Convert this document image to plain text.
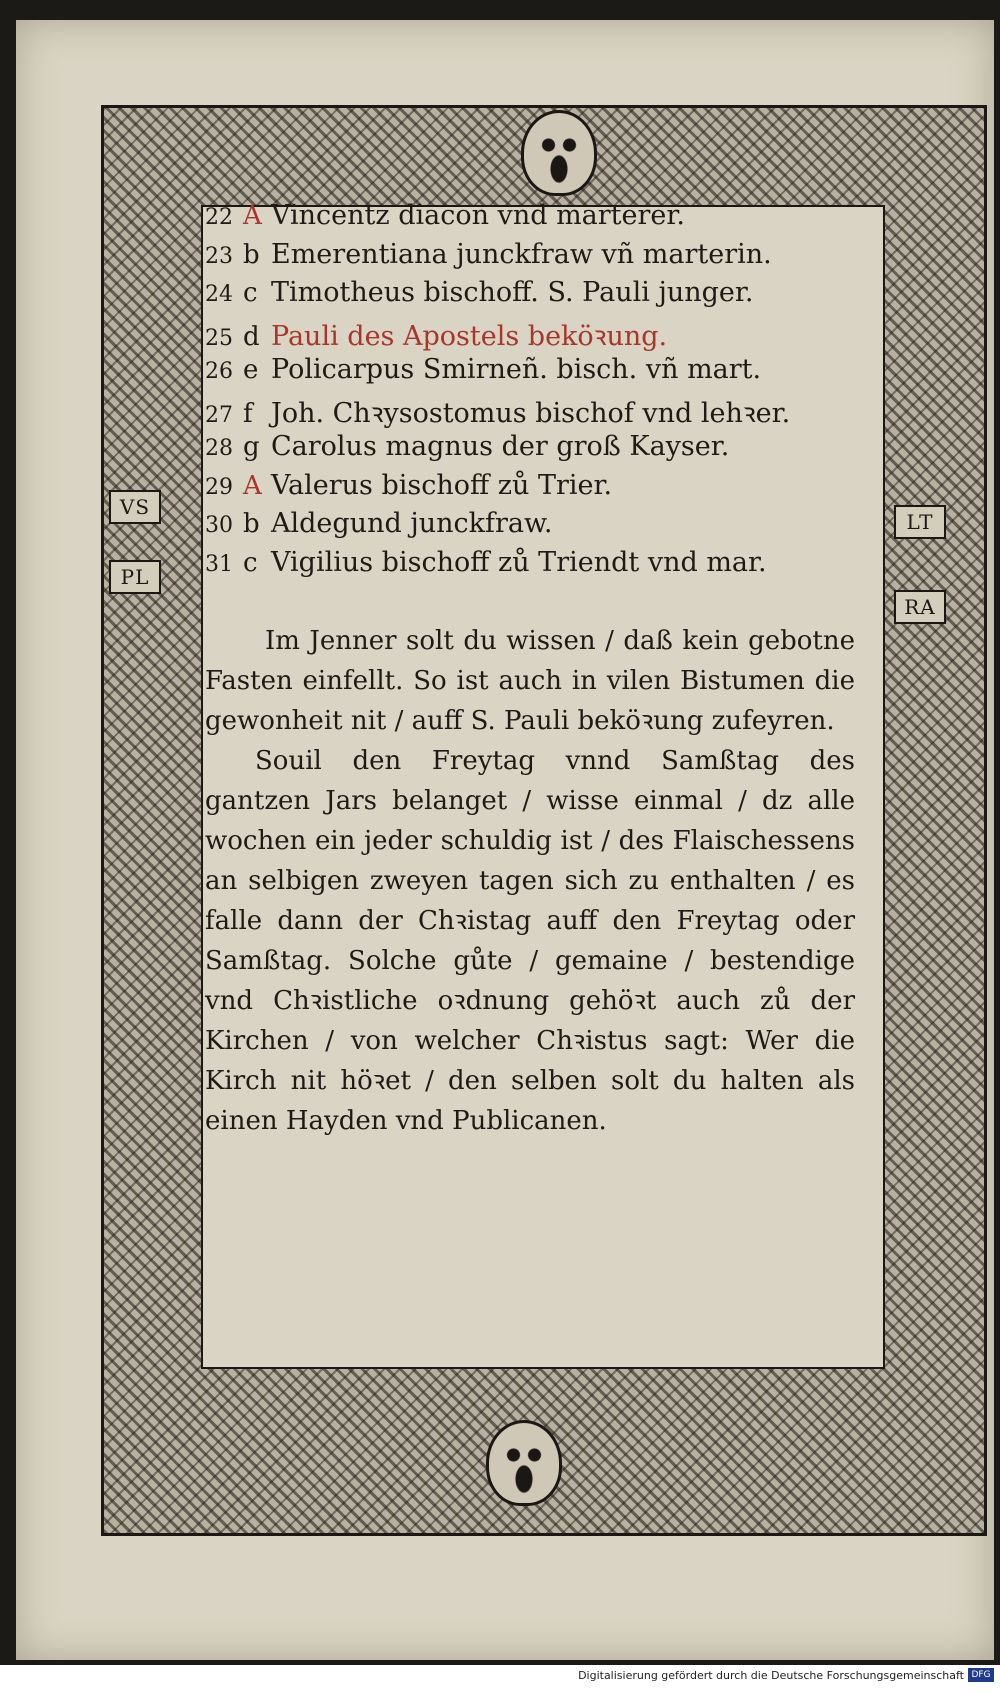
VS
PL
LT
RA
22 A Vincentz diacon vnd marterer.
23 b Emerentiana junckfraw vñ marterin.
24 c Timotheus bischoff. S. Pauli junger.
25 d Pauli des Apostels beköꝛung.
26 e Policarpus Smirneñ. bisch. vñ mart.
27 f Joh. Chꝛysostomus bischof vnd lehꝛer.
28 g Carolus magnus der groß Kayser.
29 A Valerus bischoff zů Trier.
30 b Aldegund junckfraw.
31 c Vigilius bischoff zů Triendt vnd mar.

Im Jenner solt du wissen / daß kein gebotne Fasten einfellt. So ist auch in vilen Bistumen die gewonheit nit / auff S. Pauli beköꝛung zufeyren.

Souil den Freytag vnnd Samßtag des gantzen Jars belanget / wisse einmal / dz alle wochen ein jeder schuldig ist / des Flaischessens an selbigen zweyen tagen sich zu enthalten / es falle dann der Chꝛistag auff den Freytag oder Samßtag. Solche gůte / gemaine / bestendige vnd Chꝛistliche oꝛdnung gehöꝛt auch zů der Kirchen / von welcher Chꝛistus sagt: Wer die Kirch nit höꝛet / den selben solt du halten als einen Hayden vnd Publicanen.

Digitalisierung gefördert durch die Deutsche Forschungsgemeinschaft DFG
